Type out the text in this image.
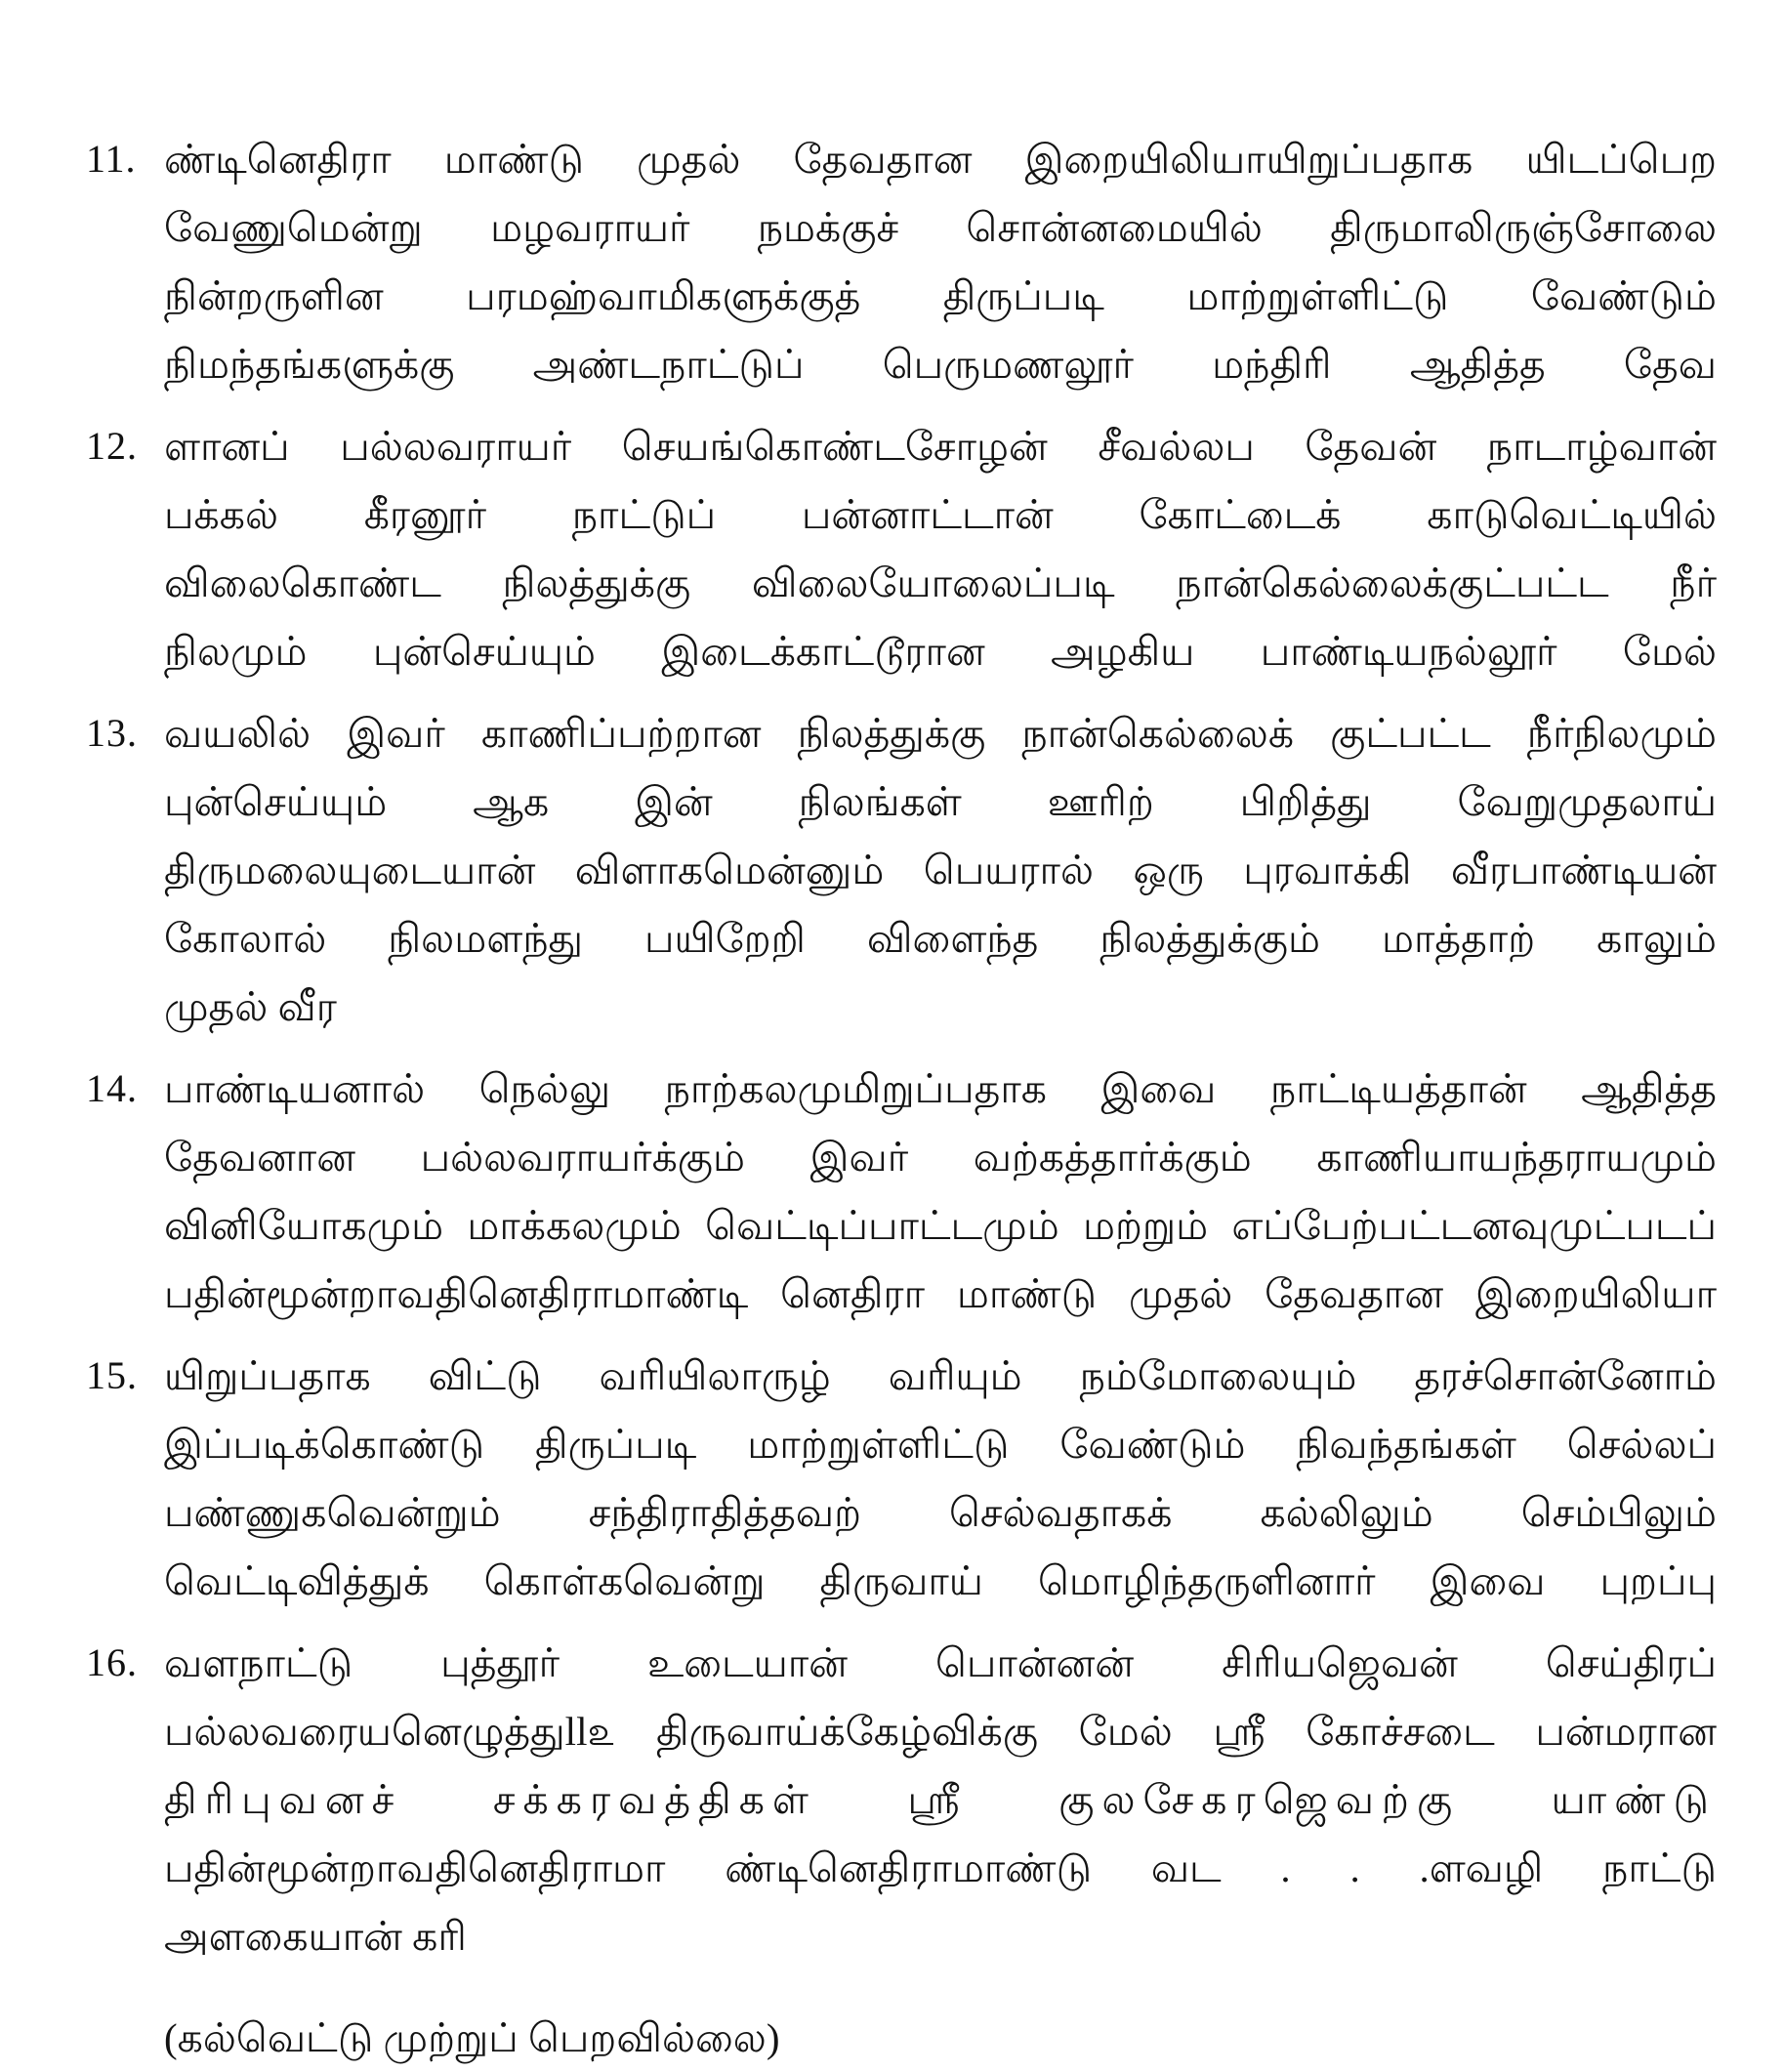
11. ண்டினெதிரா மாண்டு முதல் தேவதான இறையிலியாயிறுப்பதாக யிடப்பெற
வேணுமென்று மழவராயர் நமக்குச் சொன்னமையில் திருமாலிருஞ்சோலை
நின்றருளின பரமஹ்வாமிகளுக்குத் திருப்படி மாற்றுள்ளிட்டு வேண்டும்
நிமந்தங்களுக்கு அண்டநாட்டுப் பெருமணலூர் மந்திரி ஆதித்த தேவ
12. ளானப் பல்லவராயர் செயங்கொண்டசோழன் சீவல்லப தேவன் நாடாழ்வான்
பக்கல் கீரனூர் நாட்டுப் பன்னாட்டான் கோட்டைக் காடுவெட்டியில்
விலைகொண்ட நிலத்துக்கு விலையோலைப்படி நான்கெல்லைக்குட்பட்ட நீர்
நிலமும் புன்செய்யும் இடைக்காட்டூரான அழகிய பாண்டியநல்லூர் மேல்
13. வயலில் இவர் காணிப்பற்றான நிலத்துக்கு நான்கெல்லைக் குட்பட்ட நீர்நிலமும்
புன்செய்யும் ஆக இன் நிலங்கள் ஊரிற் பிறித்து வேறுமுதலாய்
திருமலையுடையான் விளாகமென்னும் பெயரால் ஒரு புரவாக்கி வீரபாண்டியன்
கோலால் நிலமளந்து பயிறேறி விளைந்த நிலத்துக்கும் மாத்தாற் காலும்
முதல் வீர
14. பாண்டியனால் நெல்லு நாற்கலமுமிறுப்பதாக இவை நாட்டியத்தான் ஆதித்த
தேவனான பல்லவராயர்க்கும் இவர் வற்கத்தார்க்கும் காணியாயந்தராயமும்
வினியோகமும் மாக்கலமும் வெட்டிப்பாட்டமும் மற்றும் எப்பேற்பட்டனவுமுட்படப்
பதின்மூன்றாவதினெதிராமாண்டி னெதிரா மாண்டு முதல் தேவதான இறையிலியா
15. யிறுப்பதாக விட்டு வரியிலாருழ் வரியும் நம்மோலையும் தரச்சொன்னோம்
இப்படிக்கொண்டு திருப்படி மாற்றுள்ளிட்டு வேண்டும் நிவந்தங்கள் செல்லப்
பண்ணுகவென்றும் சந்திராதித்தவற் செல்வதாகக் கல்லிலும் செம்பிலும்
வெட்டிவித்துக் கொள்கவென்று திருவாய் மொழிந்தருளினார் இவை புறப்பு
16. வளநாட்டு புத்தூர் உடையான் பொன்னன் சிரியஜெவன் செய்திரப்
பல்லவரையனெழுத்துll௨ திருவாய்க்கேழ்விக்கு மேல் ஸ்ரீ கோச்சடை பன்மரான
திரிபுவனச் சக்கரவத்திகள் ஸ்ரீ குலசேகரஜெவற்கு யாண்டு
பதின்மூன்றாவதினெதிராமா ண்டினெதிராமாண்டு வட . . .ளவழி நாட்டு
அளகையான் கரி
(கல்வெட்டு முற்றுப் பெறவில்லை)
